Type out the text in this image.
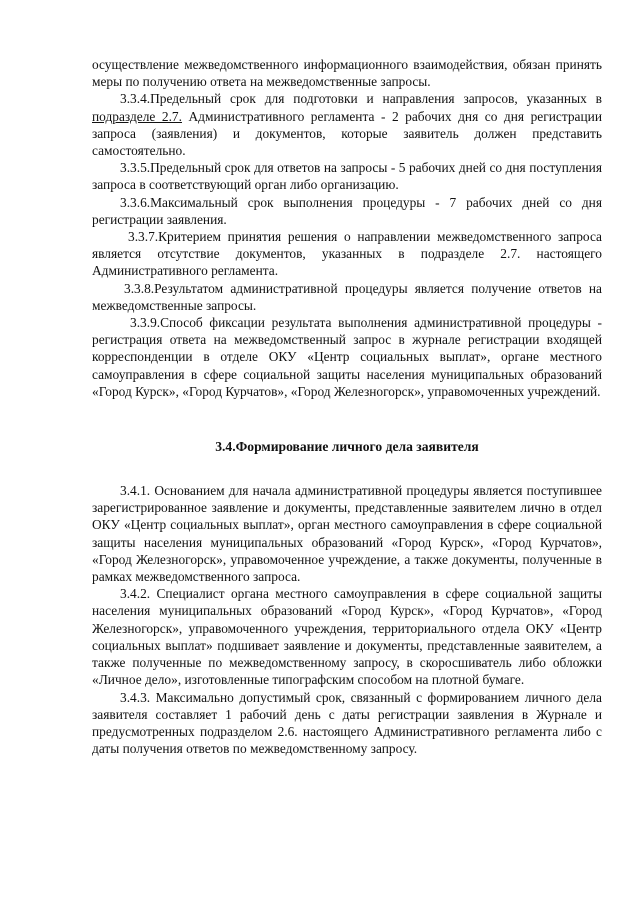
осуществление межведомственного информационного взаимодействия, обязан принять меры по получению ответа на межведомственные запросы.

3.3.4.Предельный срок для подготовки и направления запросов, указанных в подразделе 2.7. Административного регламента - 2 рабочих дня со дня регистрации запроса (заявления) и документов, которые заявитель должен представить самостоятельно.

3.3.5.Предельный срок для ответов на запросы - 5 рабочих дней со дня поступления запроса в соответствующий орган либо организацию.

3.3.6.Максимальный срок выполнения процедуры - 7 рабочих дней со дня регистрации заявления.

3.3.7.Критерием принятия решения о направлении межведомственного запроса является отсутствие документов, указанных в подразделе 2.7. настоящего Административного регламента.

3.3.8.Результатом административной процедуры является получение ответов на межведомственные запросы.

3.3.9.Способ фиксации результата выполнения административной процедуры - регистрация ответа на межведомственный запрос в журнале регистрации входящей корреспонденции в отделе ОКУ «Центр социальных выплат», органе местного самоуправления в сфере социальной защиты населения муниципальных образований «Город Курск», «Город Курчатов», «Город Железногорск», управомоченных учреждений.

3.4.Формирование личного дела заявителя

3.4.1. Основанием для начала административной процедуры является поступившее зарегистрированное заявление и документы, представленные заявителем лично в отдел ОКУ «Центр социальных выплат», орган местного самоуправления в сфере социальной защиты населения муниципальных образований «Город Курск», «Город Курчатов», «Город Железногорск», управомоченное учреждение, а также документы, полученные в рамках межведомственного запроса.

3.4.2. Специалист органа местного самоуправления в сфере социальной защиты населения муниципальных образований «Город Курск», «Город Курчатов», «Город Железногорск», управомоченного учреждения, территориального отдела ОКУ «Центр социальных выплат» подшивает заявление и документы, представленные заявителем, а также полученные по межведомственному запросу, в скоросшиватель либо обложки «Личное дело», изготовленные типографским способом на плотной бумаге.

3.4.3. Максимально допустимый срок, связанный с формированием личного дела заявителя составляет 1 рабочий день с даты регистрации заявления в Журнале и предусмотренных подразделом 2.6. настоящего Административного регламента либо с даты получения ответов по межведомственному запросу.
